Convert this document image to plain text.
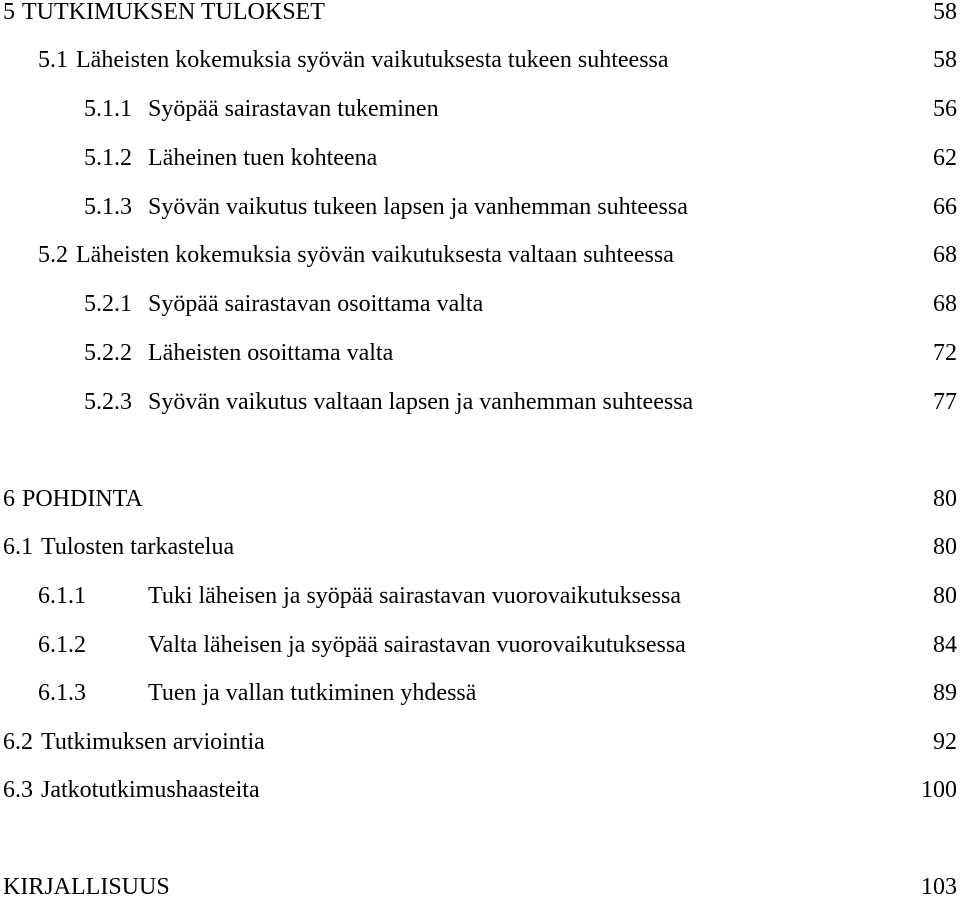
5 TUTKIMUKSEN TULOKSET	58
5.1 Läheisten kokemuksia syövän vaikutuksesta tukeen suhteessa	58
5.1.1 Syöpää sairastavan tukeminen	56
5.1.2 Läheinen tuen kohteena	62
5.1.3 Syövän vaikutus tukeen lapsen ja vanhemman suhteessa	66
5.2 Läheisten kokemuksia syövän vaikutuksesta valtaan suhteessa	68
5.2.1 Syöpää sairastavan osoittama valta	68
5.2.2 Läheisten osoittama valta	72
5.2.3 Syövän vaikutus valtaan lapsen ja vanhemman suhteessa	77
6 POHDINTA	80
6.1 Tulosten tarkastelua	80
6.1.1	Tuki läheisen ja syöpää sairastavan vuorovaikutuksessa	80
6.1.2	Valta läheisen ja syöpää sairastavan vuorovaikutuksessa	84
6.1.3	Tuen ja vallan tutkiminen yhdessä	89
6.2 Tutkimuksen arviointia	92
6.3 Jatkotutkimushaasteita	100
KIRJALLISUUS	103
